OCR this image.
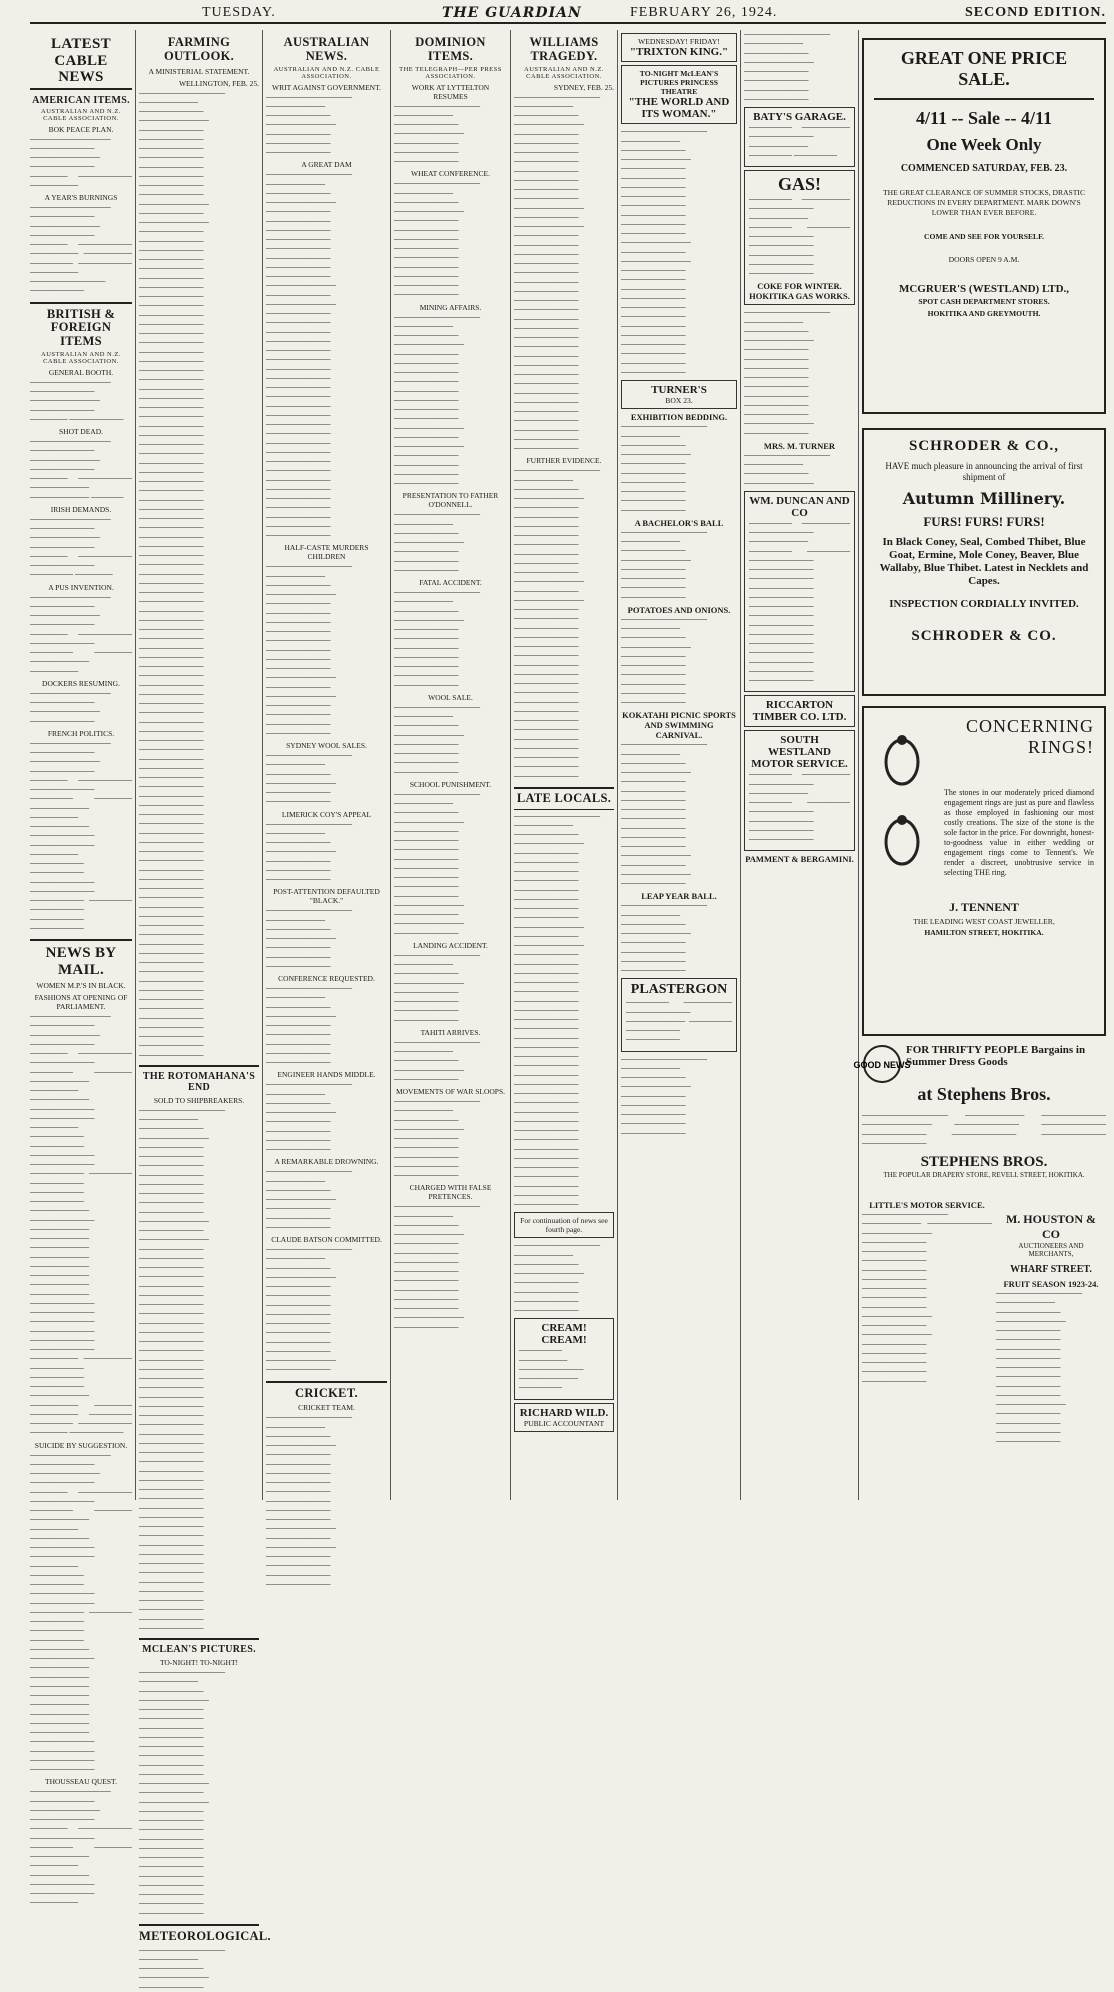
TUESDAY.	THE GUARDIAN	FEBRUARY 26, 1924.	SECOND EDITION.
LATEST CABLE NEWS
AMERICAN ITEMS.
AUSTRALIAN AND N.Z. CABLE ASSOCIATION.
BOK PEACE PLAN.
─────────────── ──────────── ───────────── ──────────── ─────── ────────── ─────────
A YEAR'S BURNINGS
─────────────── ──────────── ───────────── ──────────── ─────── ────────── ───────── ───────── ──────── ────────── ───────── ────────────── ──────────
BRITISH & FOREIGN ITEMS
AUSTRALIAN AND N.Z. CABLE ASSOCIATION.
GENERAL BOOTH.
─────────────── ──────────── ───────────── ──────────── ─────── ──────────
SHOT DEAD.
─────────────── ──────────── ───────────── ──────────── ─────── ────────── ─────────── ─────────── ──────
IRISH DEMANDS.
─────────────── ──────────── ───────────── ──────────── ─────── ────────── ──────────── ──────── ───────
A PUS INVENTION.
─────────────── ──────────── ───────────── ──────────── ─────── ────────── ──────────── ──────── ─────── ─────────── ─────────
DOCKERS RESUMING.
─────────────── ──────────── ───────────── ────────────
FRENCH POLITICS.
─────────────── ──────────── ───────────── ──────────── ─────── ────────── ──────────── ──────── ─────── ─────────── ───────── ─────────── ──────────── ──────────── ───────── ────────── ────────── ──────────── ──────────── ────────── ──────── ────────── ────────── ──────────
NEWS BY MAIL.
WOMEN M.P.'S IN BLACK.
FASHIONS AT OPENING OF PARLIAMENT.
─────────────── ──────────── ───────────── ──────────── ─────── ────────── ──────────── ──────── ─────── ─────────── ───────── ─────────── ──────────── ──────────── ───────── ────────── ────────── ──────────── ──────────── ────────── ──────── ────────── ────────── ────────── ─────────── ──────────── ─────────── ─────────── ─────────── ─────────── ─────────── ─────────── ─────────── ─────────── ──────────── ──────────── ──────────── ──────────── ──────────── ──────────── ───────── ───────── ────────── ────────── ────────── ─────────── ───────── ─────── ───────── ──────── ──────── ────────── ─────── ──────────
SUICIDE BY SUGGESTION.
─────────────── ──────────── ───────────── ──────────── ─────── ────────── ──────────── ──────── ─────── ─────────── ───────── ─────────── ──────────── ──────────── ───────── ────────── ────────── ──────────── ──────────── ────────── ──────── ────────── ────────── ────────── ─────────── ──────────── ─────────── ─────────── ─────────── ─────────── ─────────── ─────────── ─────────── ─────────── ──────────── ──────────── ──────────── ────────────
THOUSSEAU QUEST.
─────────────── ──────────── ───────────── ──────────── ─────── ────────── ──────────── ──────── ─────── ─────────── ───────── ─────────── ──────────── ──────────── ─────────
FARMING OUTLOOK.
A MINISTERIAL STATEMENT.
WELLINGTON, FEB. 25.
──────────────── ─────────── ──────────── ───────────── ──────────── ──────────── ──────────── ──────────── ──────────── ──────────── ──────────── ──────────── ───────────── ──────────── ───────────── ──────────── ──────────── ──────────── ──────────── ──────────── ──────────── ──────────── ──────────── ──────────── ──────────── ──────────── ──────────── ──────────── ──────────── ──────────── ──────────── ──────────── ──────────── ──────────── ──────────── ──────────── ──────────── ──────────── ──────────── ──────────── ──────────── ──────────── ──────────── ──────────── ──────────── ──────────── ──────────── ──────────── ──────────── ──────────── ──────────── ──────────── ──────────── ──────────── ──────────── ──────────── ──────────── ──────────── ──────────── ──────────── ──────────── ──────────── ──────────── ──────────── ──────────── ──────────── ──────────── ──────────── ──────────── ──────────── ──────────── ──────────── ──────────── ──────────── ──────────── ──────────── ──────────── ──────────── ──────────── ──────────── ──────────── ──────────── ──────────── ──────────── ──────────── ──────────── ──────────── ──────────── ──────────── ──────────── ──────────── ──────────── ──────────── ──────────── ──────────── ──────────── ──────────── ──────────── ──────────── ──────────── ──────────── ──────────── ──────────── ──────────── ────────────
THE ROTOMAHANA'S END
SOLD TO SHIPBREAKERS.
──────────────── ─────────── ──────────── ───────────── ──────────── ──────────── ──────────── ──────────── ──────────── ──────────── ──────────── ──────────── ───────────── ──────────── ───────────── ──────────── ──────────── ──────────── ──────────── ──────────── ──────────── ──────────── ──────────── ──────────── ──────────── ──────────── ──────────── ──────────── ──────────── ──────────── ──────────── ──────────── ──────────── ──────────── ──────────── ──────────── ──────────── ──────────── ──────────── ──────────── ──────────── ──────────── ──────────── ──────────── ──────────── ──────────── ──────────── ──────────── ──────────── ──────────── ──────────── ──────────── ──────────── ──────────── ──────────── ──────────── ────────────
MCLEAN'S PICTURES.
TO-NIGHT! TO-NIGHT!
──────────────── ─────────── ──────────── ───────────── ──────────── ──────────── ──────────── ──────────── ──────────── ──────────── ──────────── ──────────── ───────────── ──────────── ───────────── ──────────── ──────────── ──────────── ──────────── ──────────── ──────────── ──────────── ──────────── ──────────── ──────────── ──────────── ────────────
METEOROLOGICAL.
──────────────── ─────────── ──────────── ───────────── ────────────
AUSTRALIAN NEWS.
AUSTRALIAN AND N.Z. CABLE ASSOCIATION.
WRIT AGAINST GOVERNMENT.
──────────────── ─────────── ──────────── ───────────── ──────────── ──────────── ────────────
A GREAT DAM
──────────────── ─────────── ──────────── ───────────── ──────────── ──────────── ──────────── ──────────── ──────────── ──────────── ──────────── ──────────── ───────────── ──────────── ───────────── ──────────── ──────────── ──────────── ──────────── ──────────── ──────────── ──────────── ──────────── ──────────── ──────────── ──────────── ──────────── ──────────── ──────────── ──────────── ──────────── ──────────── ──────────── ──────────── ──────────── ──────────── ──────────── ──────────── ──────────── ────────────
HALF-CASTE MURDERS CHILDREN
──────────────── ─────────── ──────────── ───────────── ──────────── ──────────── ──────────── ──────────── ──────────── ──────────── ──────────── ──────────── ───────────── ──────────── ───────────── ──────────── ──────────── ──────────── ────────────
SYDNEY WOOL SALES.
──────────────── ─────────── ──────────── ───────────── ──────────── ────────────
LIMERICK COY'S APPEAL
──────────────── ─────────── ──────────── ───────────── ──────────── ──────────── ────────────
POST-ATTENTION DEFAULTED "BLACK."
──────────────── ─────────── ──────────── ───────────── ──────────── ──────────── ────────────
CONFERENCE REQUESTED.
──────────────── ─────────── ──────────── ───────────── ──────────── ──────────── ──────────── ──────────── ────────────
ENGINEER HANDS MIDDLE.
──────────────── ─────────── ──────────── ───────────── ──────────── ──────────── ──────────── ────────────
A REMARKABLE DROWNING.
──────────────── ─────────── ──────────── ───────────── ──────────── ──────────── ────────────
CLAUDE BATSON COMMITTED.
──────────────── ─────────── ──────────── ───────────── ──────────── ──────────── ──────────── ──────────── ──────────── ──────────── ──────────── ──────────── ───────────── ────────────
CRICKET.
CRICKET TEAM.
──────────────── ─────────── ──────────── ───────────── ──────────── ──────────── ──────────── ──────────── ──────────── ──────────── ──────────── ──────────── ───────────── ──────────── ───────────── ──────────── ──────────── ──────────── ────────────
DOMINION ITEMS.
THE TELEGRAPH—PER PRESS ASSOCIATION.
WORK AT LYTTELTON RESUMES
──────────────── ─────────── ──────────── ───────────── ──────────── ──────────── ────────────
WHEAT CONFERENCE.
──────────────── ─────────── ──────────── ───────────── ──────────── ──────────── ──────────── ──────────── ──────────── ──────────── ──────────── ──────────── ────────────
MINING AFFAIRS.
──────────────── ─────────── ──────────── ───────────── ──────────── ──────────── ──────────── ──────────── ──────────── ──────────── ──────────── ──────────── ───────────── ──────────── ───────────── ──────────── ──────────── ──────────── ────────────
PRESENTATION TO FATHER O'DONNELL.
──────────────── ─────────── ──────────── ───────────── ──────────── ──────────── ────────────
FATAL ACCIDENT.
──────────────── ─────────── ──────────── ───────────── ──────────── ──────────── ──────────── ──────────── ──────────── ──────────── ────────────
WOOL SALE.
──────────────── ─────────── ──────────── ───────────── ──────────── ──────────── ──────────── ────────────
SCHOOL PUNISHMENT.
──────────────── ─────────── ──────────── ───────────── ──────────── ──────────── ──────────── ──────────── ──────────── ──────────── ──────────── ──────────── ───────────── ──────────── ───────────── ────────────
LANDING ACCIDENT.
──────────────── ─────────── ──────────── ───────────── ──────────── ──────────── ──────────── ────────────
TAHITI ARRIVES.
──────────────── ─────────── ──────────── ───────────── ────────────
MOVEMENTS OF WAR SLOOPS.
──────────────── ─────────── ──────────── ───────────── ──────────── ──────────── ──────────── ──────────── ────────────
CHARGED WITH FALSE PRETENCES.
──────────────── ─────────── ──────────── ───────────── ──────────── ──────────── ──────────── ──────────── ──────────── ──────────── ──────────── ──────────── ───────────── ────────────
WILLIAMS TRAGEDY.
AUSTRALIAN AND N.Z. CABLE ASSOCIATION.
SYDNEY, FEB. 25.
──────────────── ─────────── ──────────── ───────────── ──────────── ──────────── ──────────── ──────────── ──────────── ──────────── ──────────── ──────────── ───────────── ──────────── ───────────── ──────────── ──────────── ──────────── ──────────── ──────────── ──────────── ──────────── ──────────── ──────────── ──────────── ──────────── ──────────── ──────────── ──────────── ──────────── ──────────── ──────────── ──────────── ──────────── ──────────── ──────────── ──────────── ──────────── ────────────
FURTHER EVIDENCE.
──────────────── ─────────── ──────────── ───────────── ──────────── ──────────── ──────────── ──────────── ──────────── ──────────── ──────────── ──────────── ───────────── ──────────── ───────────── ──────────── ──────────── ──────────── ──────────── ──────────── ──────────── ──────────── ──────────── ──────────── ──────────── ──────────── ──────────── ──────────── ──────────── ──────────── ──────────── ──────────── ──────────── ────────────
LATE LOCALS.
──────────────── ─────────── ──────────── ───────────── ──────────── ──────────── ──────────── ──────────── ──────────── ──────────── ──────────── ──────────── ───────────── ──────────── ───────────── ──────────── ──────────── ──────────── ──────────── ──────────── ──────────── ──────────── ──────────── ──────────── ──────────── ──────────── ──────────── ──────────── ──────────── ──────────── ──────────── ──────────── ──────────── ──────────── ──────────── ──────────── ──────────── ──────────── ──────────── ──────────── ──────────── ──────────── ────────────
For continuation of news see fourth page.
──────────────── ─────────── ──────────── ───────────── ──────────── ──────────── ──────────── ────────────
CREAM! CREAM!
──────── ───────── ──────────── ─────────── ────────
RICHARD WILD.
PUBLIC ACCOUNTANT
WEDNESDAY! FRIDAY!
"TRIXTON KING."
TO-NIGHT McLEAN'S PICTURES PRINCESS THEATRE
"THE WORLD AND ITS WOMAN."
──────────────── ─────────── ──────────── ───────────── ──────────── ──────────── ──────────── ──────────── ──────────── ──────────── ──────────── ──────────── ───────────── ──────────── ───────────── ──────────── ──────────── ──────────── ──────────── ──────────── ──────────── ──────────── ──────────── ──────────── ──────────── ──────────── ────────────
TURNER'S
BOX 23.
EXHIBITION BEDDING.
──────────────── ─────────── ──────────── ───────────── ──────────── ──────────── ──────────── ──────────── ──────────── ────────────
A BACHELOR'S BALL
──────────────── ─────────── ──────────── ───────────── ──────────── ──────────── ──────────── ────────────
POTATOES AND ONIONS.
──────────────── ─────────── ──────────── ───────────── ──────────── ──────────── ──────────── ──────────── ──────────── ────────────
KOKATAHI PICNIC SPORTS AND SWIMMING CARNIVAL.
──────────────── ─────────── ──────────── ───────────── ──────────── ──────────── ──────────── ──────────── ──────────── ──────────── ──────────── ──────────── ───────────── ──────────── ───────────── ────────────
LEAP YEAR BALL.
──────────────── ─────────── ──────────── ───────────── ──────────── ──────────── ──────────── ────────────
PLASTERGON
──────── ───────── ──────────── ─────────── ──────── ────────── ──────────
──────────────── ─────────── ──────────── ───────────── ──────────── ──────────── ──────────── ──────────── ────────────
──────────────── ─────────── ──────────── ───────────── ──────────── ──────────── ──────────── ────────────
BATY'S GARAGE.
──────── ───────── ──────────── ─────────── ──────── ────────
GAS!
──────── ───────── ──────────── ─────────── ──────── ──────── ──────────── ──────────── ──────────── ──────────── ────────────
COKE FOR WINTER.
HOKITIKA GAS WORKS.
──────────────── ─────────── ──────────── ───────────── ──────────── ──────────── ──────────── ──────────── ──────────── ──────────── ──────────── ──────────── ───────────── ────────────
MRS. M. TURNER
──────────────── ─────────── ──────────── ─────────────
WM. DUNCAN AND CO
──────── ───────── ──────────── ─────────── ──────── ──────── ──────────── ──────────── ──────────── ──────────── ──────────── ──────────── ──────────── ──────────── ──────────── ──────────── ──────────── ──────────── ──────────── ────────────
RICCARTON TIMBER CO. LTD.
SOUTH WESTLAND MOTOR SERVICE.
──────── ───────── ──────────── ─────────── ──────── ──────── ──────────── ──────────── ──────────── ────────────
PAMMENT & BERGAMINI.
GREAT ONE PRICE SALE.
4/11 -- Sale -- 4/11
One Week Only
COMMENCED SATURDAY, FEB. 23.
THE GREAT CLEARANCE OF SUMMER STOCKS, DRASTIC REDUCTIONS IN EVERY DEPARTMENT. MARK DOWN'S LOWER THAN EVER BEFORE.
COME AND SEE FOR YOURSELF.
DOORS OPEN 9 A.M.
MCGRUER'S (WESTLAND) LTD.,
SPOT CASH DEPARTMENT STORES.
HOKITIKA AND GREYMOUTH.
SCHRODER & CO.,
HAVE much pleasure in announcing the arrival of first shipment of
Autumn Millinery.
FURS! FURS! FURS!
In Black Coney, Seal, Combed Thibet, Blue Goat, Ermine, Mole Coney, Beaver, Blue Wallaby, Blue Thibet. Latest in Necklets and Capes.
INSPECTION CORDIALLY INVITED.
SCHRODER & CO.
CONCERNING
RINGS!
The stones in our moderately priced diamond engagement rings are just as pure and flawless as those employed in fashioning our most costly creations. The size of the stone is the sole factor in the price. For downright, honest-to-goodness value in either wedding or engagement rings come to Tennent's. We render a discreet, unobtrusive service in selecting THE ring.
J. TENNENT
THE LEADING WEST COAST JEWELLER,
HAMILTON STREET, HOKITIKA.
GOOD NEWS
FOR THRIFTY PEOPLE Bargains in Summer Dress Goods
at Stephens Bros.
──────────────── ─────────── ──────────── ───────────── ──────────── ──────────── ──────────── ──────────── ──────────── ────────────
STEPHENS BROS.
THE POPULAR DRAPERY STORE, REVELL STREET, HOKITIKA.
LITTLE'S MOTOR SERVICE.
──────────────── ─────────── ──────────── ───────────── ──────────── ──────────── ──────────── ──────────── ──────────── ──────────── ──────────── ──────────── ───────────── ──────────── ───────────── ──────────── ──────────── ──────────── ──────────── ────────────
M. HOUSTON & CO
AUCTIONEERS AND MERCHANTS,
WHARF STREET.
FRUIT SEASON 1923-24.
──────────────── ─────────── ──────────── ───────────── ──────────── ──────────── ──────────── ──────────── ──────────── ──────────── ──────────── ──────────── ───────────── ──────────── ──────────── ──────────── ────────────
